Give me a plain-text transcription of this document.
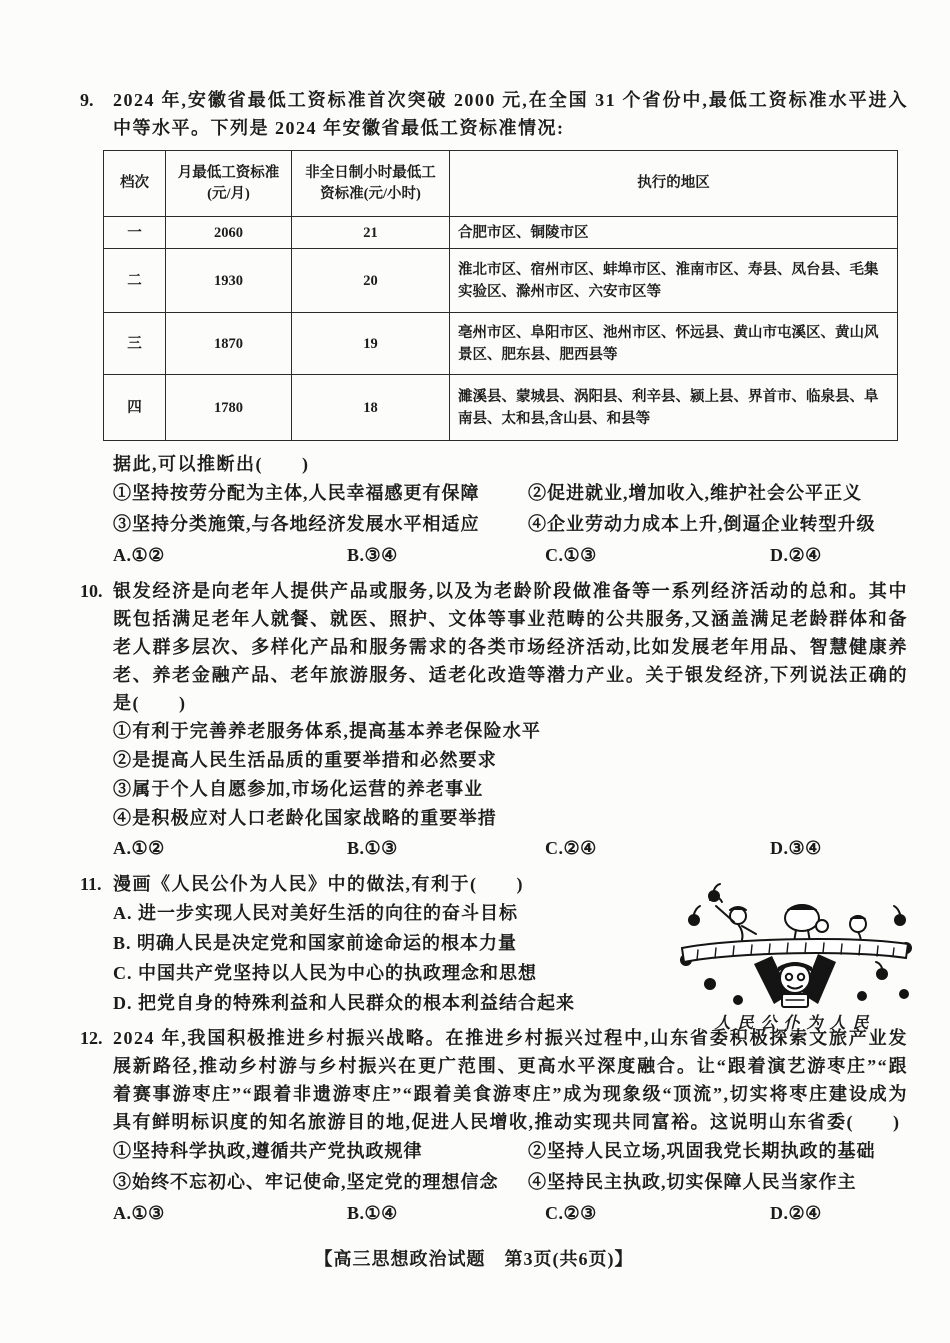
9. 2024 年,安徽省最低工资标准首次突破 2000 元,在全国 31 个省份中,最低工资标准水平进入中等水平。下列是 2024 年安徽省最低工资标准情况:
档次	月最低工资标准(元/月)	非全日制小时最低工资标准(元/小时)	执行的地区
一	2060	21	合肥市区、铜陵市区
二	1930	20	淮北市区、宿州市区、蚌埠市区、淮南市区、寿县、凤台县、毛集实验区、滁州市区、六安市区等
三	1870	19	亳州市区、阜阳市区、池州市区、怀远县、黄山市屯溪区、黄山风景区、肥东县、肥西县等
四	1780	18	濉溪县、蒙城县、涡阳县、利辛县、颍上县、界首市、临泉县、阜南县、太和县,含山县、和县等
据此,可以推断出(　　)
①坚持按劳分配为主体,人民幸福感更有保障	②促进就业,增加收入,维护社会公平正义
③坚持分类施策,与各地经济发展水平相适应	④企业劳动力成本上升,倒逼企业转型升级
A.①②	B.③④	C.①③	D.②④
10. 银发经济是向老年人提供产品或服务,以及为老龄阶段做准备等一系列经济活动的总和。其中既包括满足老年人就餐、就医、照护、文体等事业范畴的公共服务,又涵盖满足老龄群体和备老人群多层次、多样化产品和服务需求的各类市场经济活动,比如发展老年用品、智慧健康养老、养老金融产品、老年旅游服务、适老化改造等潜力产业。关于银发经济,下列说法正确的是(　　)
①有利于完善养老服务体系,提高基本养老保险水平
②是提高人民生活品质的重要举措和必然要求
③属于个人自愿参加,市场化运营的养老事业
④是积极应对人口老龄化国家战略的重要举措
A.①②	B.①③	C.②④	D.③④
11. 漫画《人民公仆为人民》中的做法,有利于(　　)
A. 进一步实现人民对美好生活的向往的奋斗目标
B. 明确人民是决定党和国家前途命运的根本力量
C. 中国共产党坚持以人民为中心的执政理念和思想
D. 把党自身的特殊利益和人民群众的根本利益结合起来
12. 2024 年,我国积极推进乡村振兴战略。在推进乡村振兴过程中,山东省委积极探索文旅产业发展新路径,推动乡村游与乡村振兴在更广范围、更高水平深度融合。让“跟着演艺游枣庄”“跟着赛事游枣庄”“跟着非遗游枣庄”“跟着美食游枣庄”成为现象级“顶流”,切实将枣庄建设成为具有鲜明标识度的知名旅游目的地,促进人民增收,推动实现共同富裕。这说明山东省委(　　)
①坚持科学执政,遵循共产党执政规律	②坚持人民立场,巩固我党长期执政的基础
③始终不忘初心、牢记使命,坚定党的理想信念	④坚持民主执政,切实保障人民当家作主
A.①③	B.①④	C.②③	D.②④
【高三思想政治试题　第3页(共6页)】
人民公仆为人民
